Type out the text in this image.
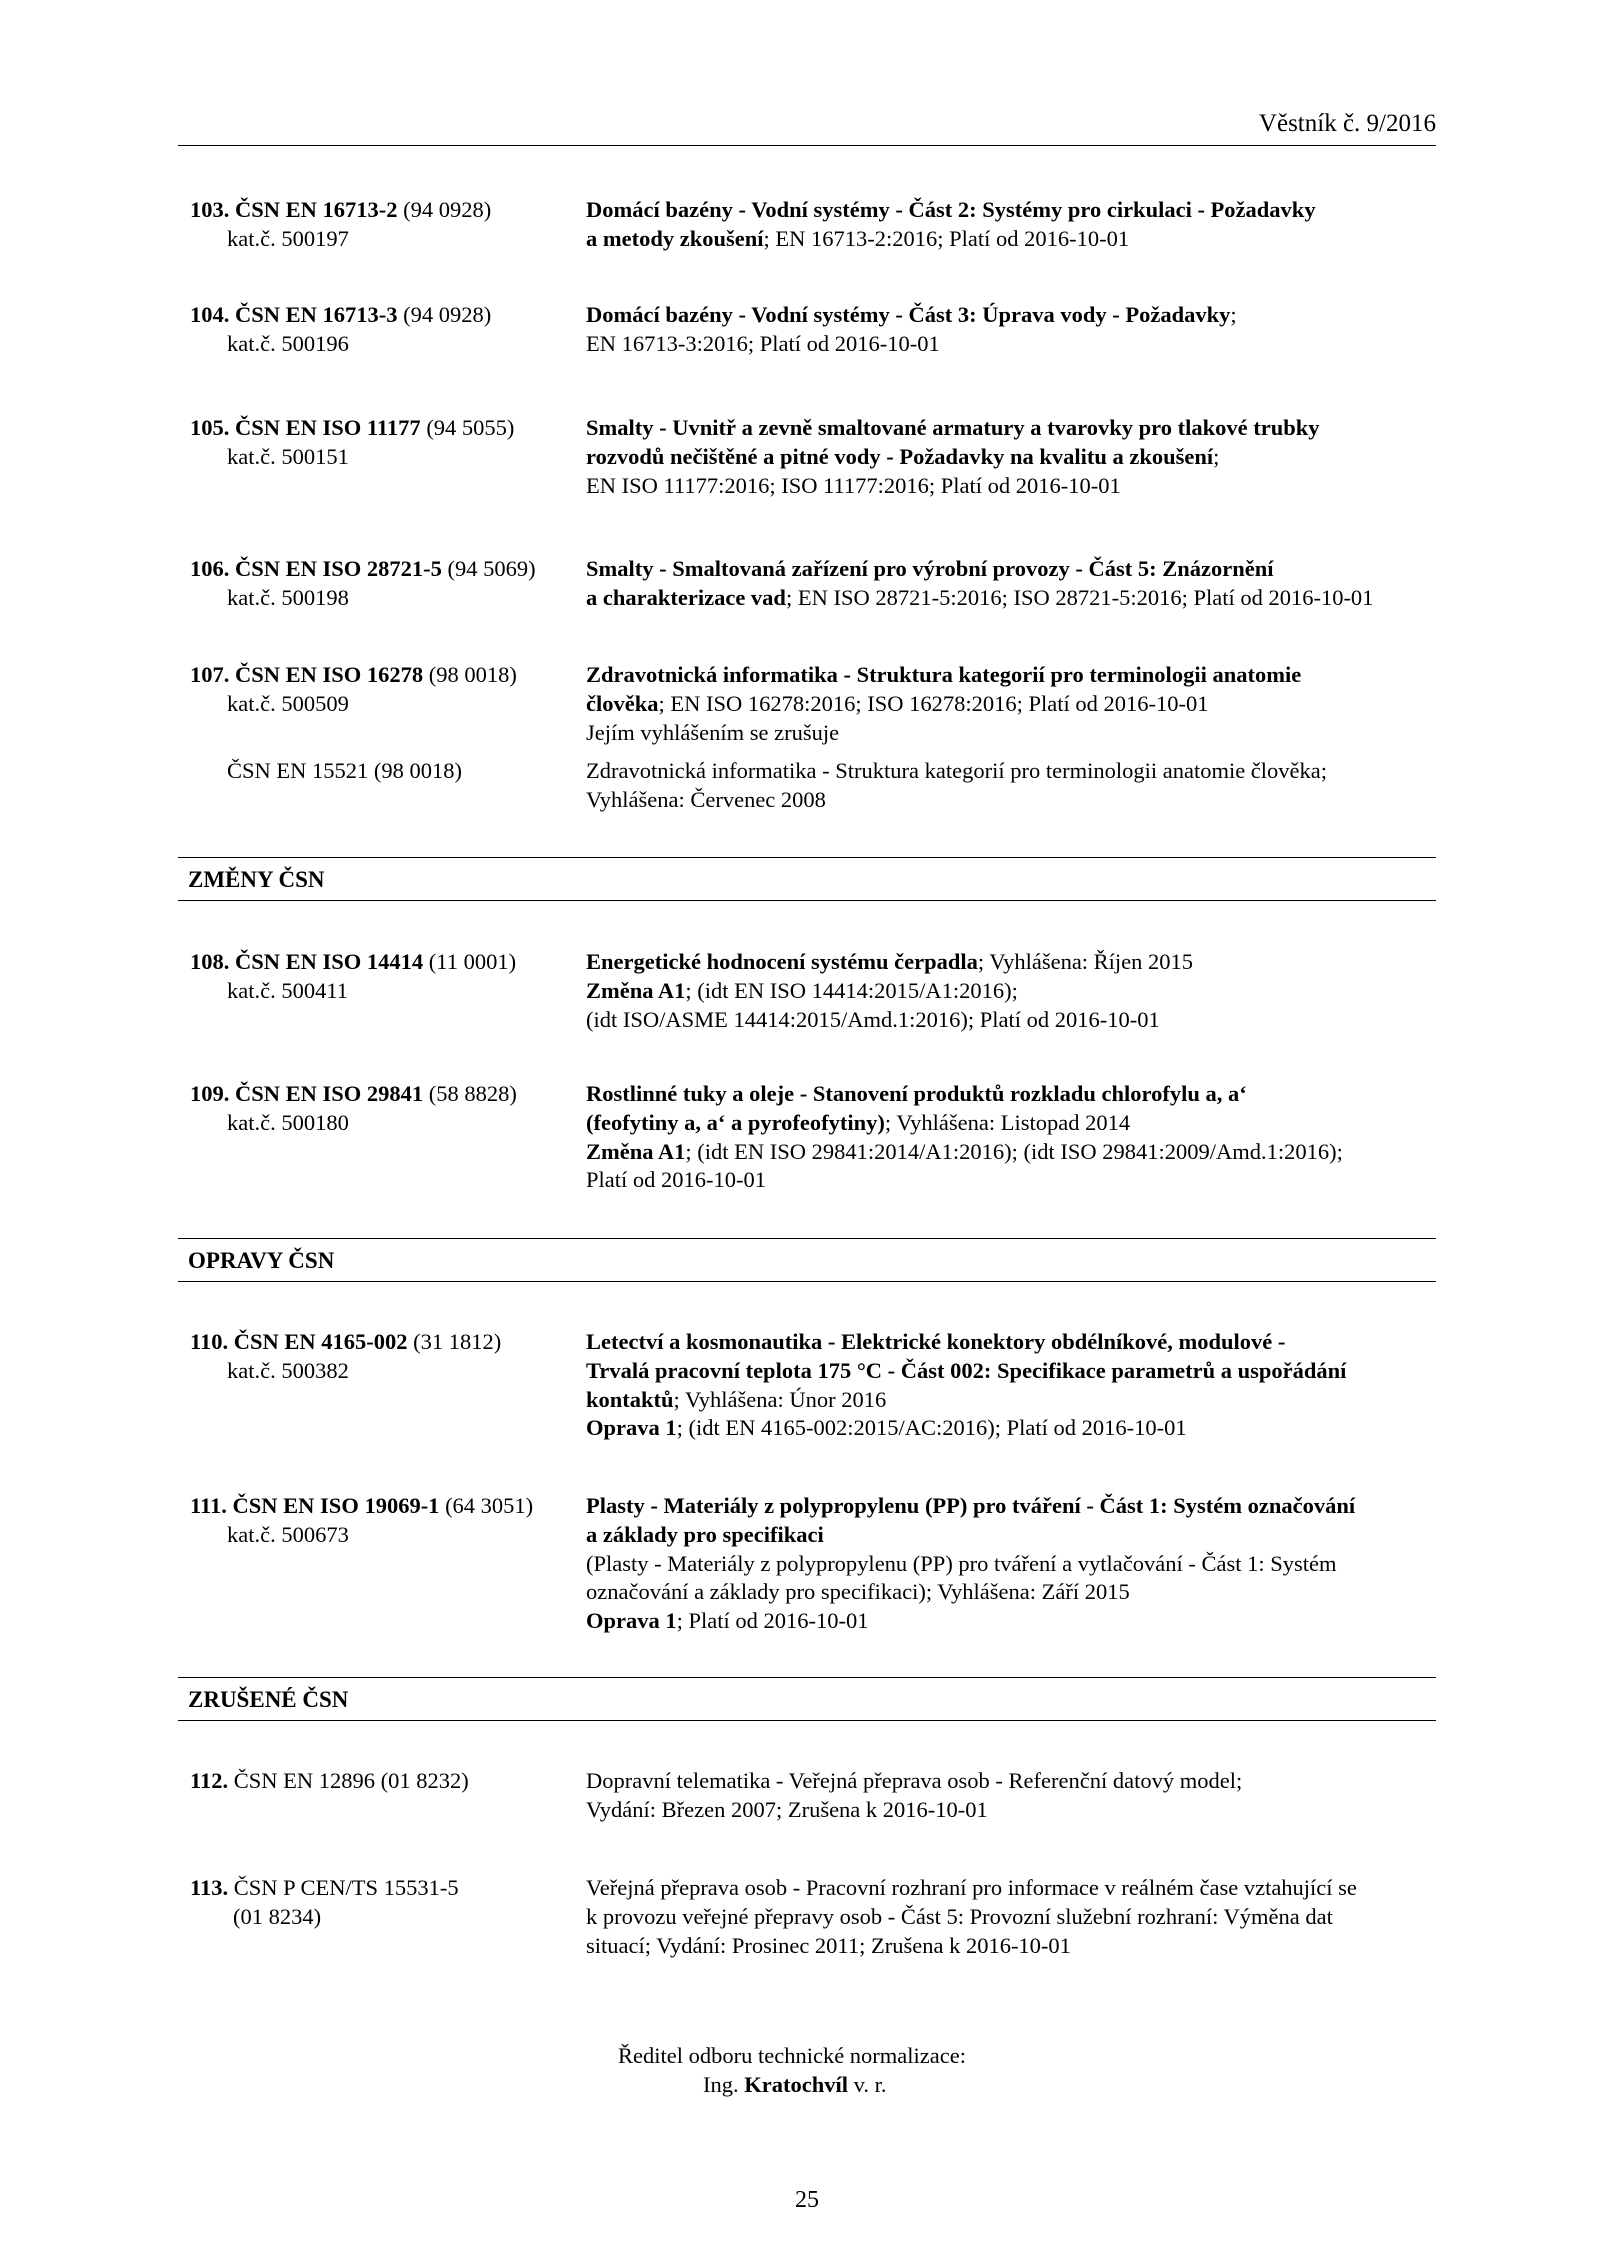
Věstník č. 9/2016
103. ČSN EN 16713-2 (94 0928)
kat.č. 500197
Domácí bazény - Vodní systémy - Část 2: Systémy pro cirkulaci - Požadavky
a metody zkoušení; EN 16713-2:2016; Platí od 2016-10-01
104. ČSN EN 16713-3 (94 0928)
kat.č. 500196
Domácí bazény - Vodní systémy - Část 3: Úprava vody - Požadavky;
EN 16713-3:2016; Platí od 2016-10-01
105. ČSN EN ISO 11177 (94 5055)
kat.č. 500151
Smalty - Uvnitř a zevně smaltované armatury a tvarovky pro tlakové trubky
rozvodů nečištěné a pitné vody - Požadavky na kvalitu a zkoušení;
EN ISO 11177:2016; ISO 11177:2016; Platí od 2016-10-01
106. ČSN EN ISO 28721-5 (94 5069)
kat.č. 500198
Smalty - Smaltovaná zařízení pro výrobní provozy - Část 5: Znázornění
a charakterizace vad; EN ISO 28721-5:2016; ISO 28721-5:2016; Platí od 2016-10-01
107. ČSN EN ISO 16278 (98 0018)
kat.č. 500509
Zdravotnická informatika - Struktura kategorií pro terminologii anatomie
člověka; EN ISO 16278:2016; ISO 16278:2016; Platí od 2016-10-01
Jejím vyhlášením se zrušuje
ČSN EN 15521 (98 0018)	Zdravotnická informatika - Struktura kategorií pro terminologii anatomie člověka;
Vyhlášena: Červenec 2008
ZMĚNY ČSN
108. ČSN EN ISO 14414 (11 0001)
kat.č. 500411
Energetické hodnocení systému čerpadla; Vyhlášena: Říjen 2015
Změna A1; (idt EN ISO 14414:2015/A1:2016);
(idt ISO/ASME 14414:2015/Amd.1:2016); Platí od 2016-10-01
109. ČSN EN ISO 29841 (58 8828)
kat.č. 500180
Rostlinné tuky a oleje - Stanovení produktů rozkladu chlorofylu a, a‘
(feofytiny a, a‘ a pyrofeofytiny); Vyhlášena: Listopad 2014
Změna A1; (idt EN ISO 29841:2014/A1:2016); (idt ISO 29841:2009/Amd.1:2016);
Platí od 2016-10-01
OPRAVY ČSN
110. ČSN EN 4165-002 (31 1812)
kat.č. 500382
Letectví a kosmonautika - Elektrické konektory obdélníkové, modulové -
Trvalá pracovní teplota 175 °C - Část 002: Specifikace parametrů a uspořádání
kontaktů; Vyhlášena: Únor 2016
Oprava 1; (idt EN 4165-002:2015/AC:2016); Platí od 2016-10-01
111. ČSN EN ISO 19069-1 (64 3051)
kat.č. 500673
Plasty - Materiály z polypropylenu (PP) pro tváření - Část 1: Systém označování
a základy pro specifikaci
(Plasty - Materiály z polypropylenu (PP) pro tváření a vytlačování - Část 1: Systém
označování a základy pro specifikaci); Vyhlášena: Září 2015
Oprava 1; Platí od 2016-10-01
ZRUŠENÉ ČSN
112. ČSN EN 12896 (01 8232)	Dopravní telematika - Veřejná přeprava osob - Referenční datový model;
Vydání: Březen 2007; Zrušena k 2016-10-01
113. ČSN P CEN/TS 15531-5
(01 8234)
Veřejná přeprava osob - Pracovní rozhraní pro informace v reálném čase vztahující se
k provozu veřejné přepravy osob - Část 5: Provozní služební rozhraní: Výměna dat
situací; Vydání: Prosinec 2011; Zrušena k 2016-10-01
Ředitel odboru technické normalizace:
Ing. Kratochvíl v. r.
25
